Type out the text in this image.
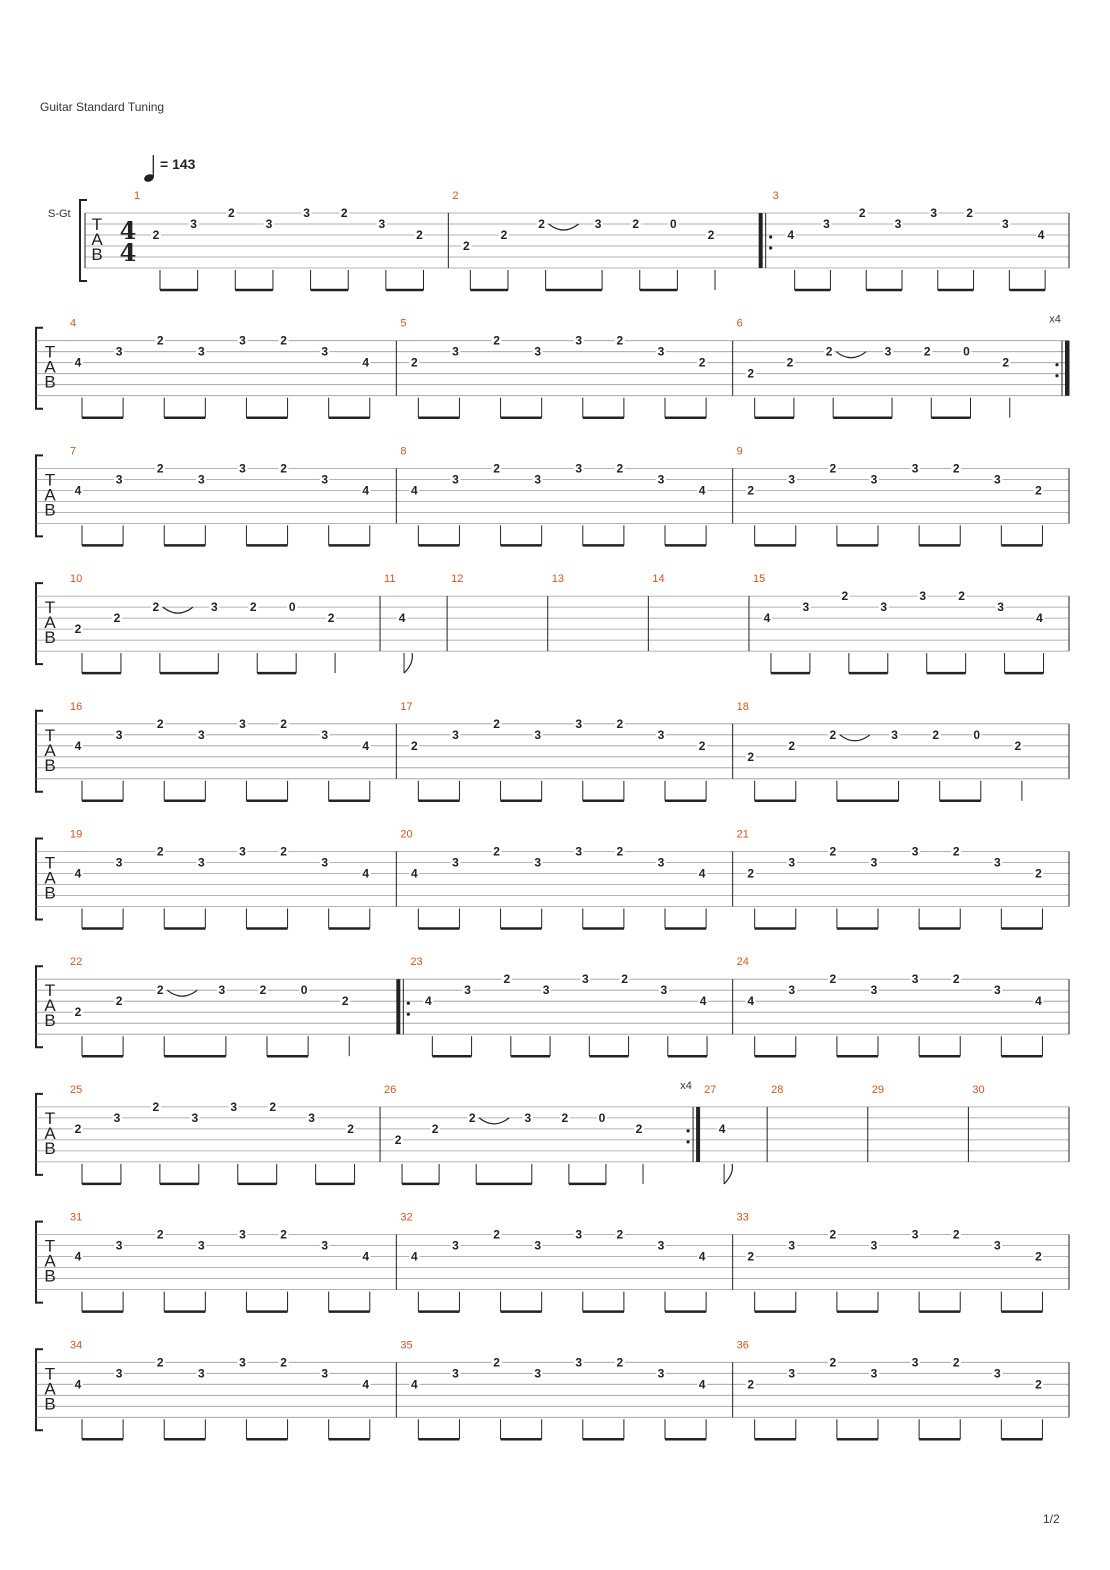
Guitar Standard Tuning
= 143
S-Gt
T
A
B
4
4
1
2
3
2
3
3	2
3
2
2
2
2
2	3	2	0
2
3
4
3
2
3
3 2
3
4
T
A
B
4
4
3
2
3
3	2
3
4
5
2
3
2
3
3	2
3
2
6	x4
2
2
2	3	2	0
2
T
A
B
7
4
3
2
3
3	2
3
4
8
4
3
2
3
3	2
3
4
9
2
3
2
3
3	2
3
2
T
A
B
10
2
2
2	3	2	0
2
11
4
12	13	14	15
4
3
2
3
3	2
3
4
T
A
B
16
4
3
2
3
3	2
3
4
17
2
3
2
3
3	2
3
2
18
2
2
2	3	2	0
2
T
A
B
19
4
3
2
3
3	2
3
4
20
4
3
2
3
3	2
3
4
21
2
3
2
3
3	2
3
2
T
A
B
22
2
2
2	3	2	0
2
23
4
3
2
3
3	2
3
4
24
4
3
2
3
3	2
3
4
T
A
B
25
2
3
2
3
3	2
3
2
26	x4
2
2
2	3	2	0
2
27
4
28	29	30
T
A
B
31
4
3
2
3
3	2
3
4
32
4
3
2
3
3	2
3
4
33
2
3
2
3
3	2
3
2
T
A
B
34
4
3
2
3
3	2
3
4
35
4
3
2
3
3	2
3
4
36
2
3
2
3
3	2
3
2
1/2
